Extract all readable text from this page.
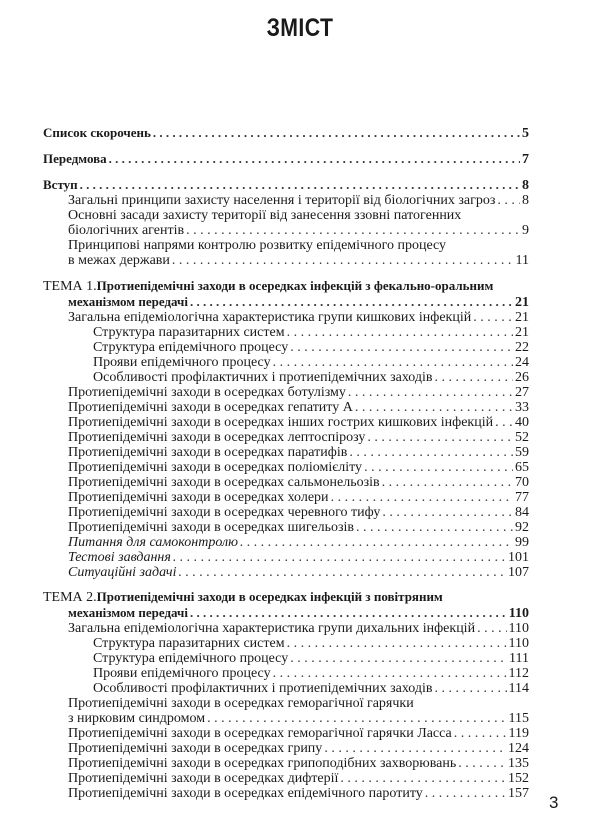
ЗМІСТ
Список скорочень . . .	5
Передмова . . .	7
Вступ . . .	8
Загальні принципи захисту населення і території від біологічних загроз . . . 8
Основні засади захисту території від занесення ззовні патогенних
біологічних агентів . . .	9
Принципові напрями контролю розвитку епідемічного процесу
в межах держави . . .	11
ТЕМА 1. Протиепідемічні заходи в осередках інфекцій з фекально-оральним
механізмом передачі . . .	21
Загальна епідеміологічна характеристика групи кишкових інфекцій . . .	21
Структура паразитарних систем . . .	21
Структура епідемічного процесу . . .	22
Прояви епідемічного процесу . . .	24
Особливості профілактичних і протиепідемічних заходів . . .	26
Протиепідемічні заходи в осередках ботулізму . . .	27
Протиепідемічні заходи в осередках гепатиту А . . .	33
Протиепідемічні заходи в осередках інших гострих кишкових інфекцій . . . 40
Протиепідемічні заходи в осередках лептоспірозу . . .	52
Протиепідемічні заходи в осередках паратифів . . .	59
Протиепідемічні заходи в осередках поліомієліту . . .	65
Протиепідемічні заходи в осередках сальмонельозів . . .	70
Протиепідемічні заходи в осередках холери . . .	77
Протиепідемічні заходи в осередках черевного тифу . . .	84
Протиепідемічні заходи в осередках шигельозів . . .	92
Питання для самоконтролю . . .	99
Тестові завдання . . .	101
Ситуаційні задачі . . .	107
ТЕМА 2. Протиепідемічні заходи в осередках інфекцій з повітряним
механізмом передачі . . .	110
Загальна епідеміологічна характеристика групи дихальних інфекцій . . . 110
Структура паразитарних систем . . .	110
Структура епідемічного процесу . . .	111
Прояви епідемічного процесу . . .	112
Особливості профілактичних і протиепідемічних заходів . . .	114
Протиепідемічні заходи в осередках геморагічної гарячки
з нирковим синдромом . . .	115
Протиепідемічні заходи в осередках геморагічної гарячки Ласса . . .	119
Протиепідемічні заходи в осередках грипу . . .	124
Протиепідемічні заходи в осередках грипоподібних захворювань . . .	135
Протиепідемічні заходи в осередках дифтерії . . .	152
Протиепідемічні заходи в осередках епідемічного паротиту . . .	157 3
